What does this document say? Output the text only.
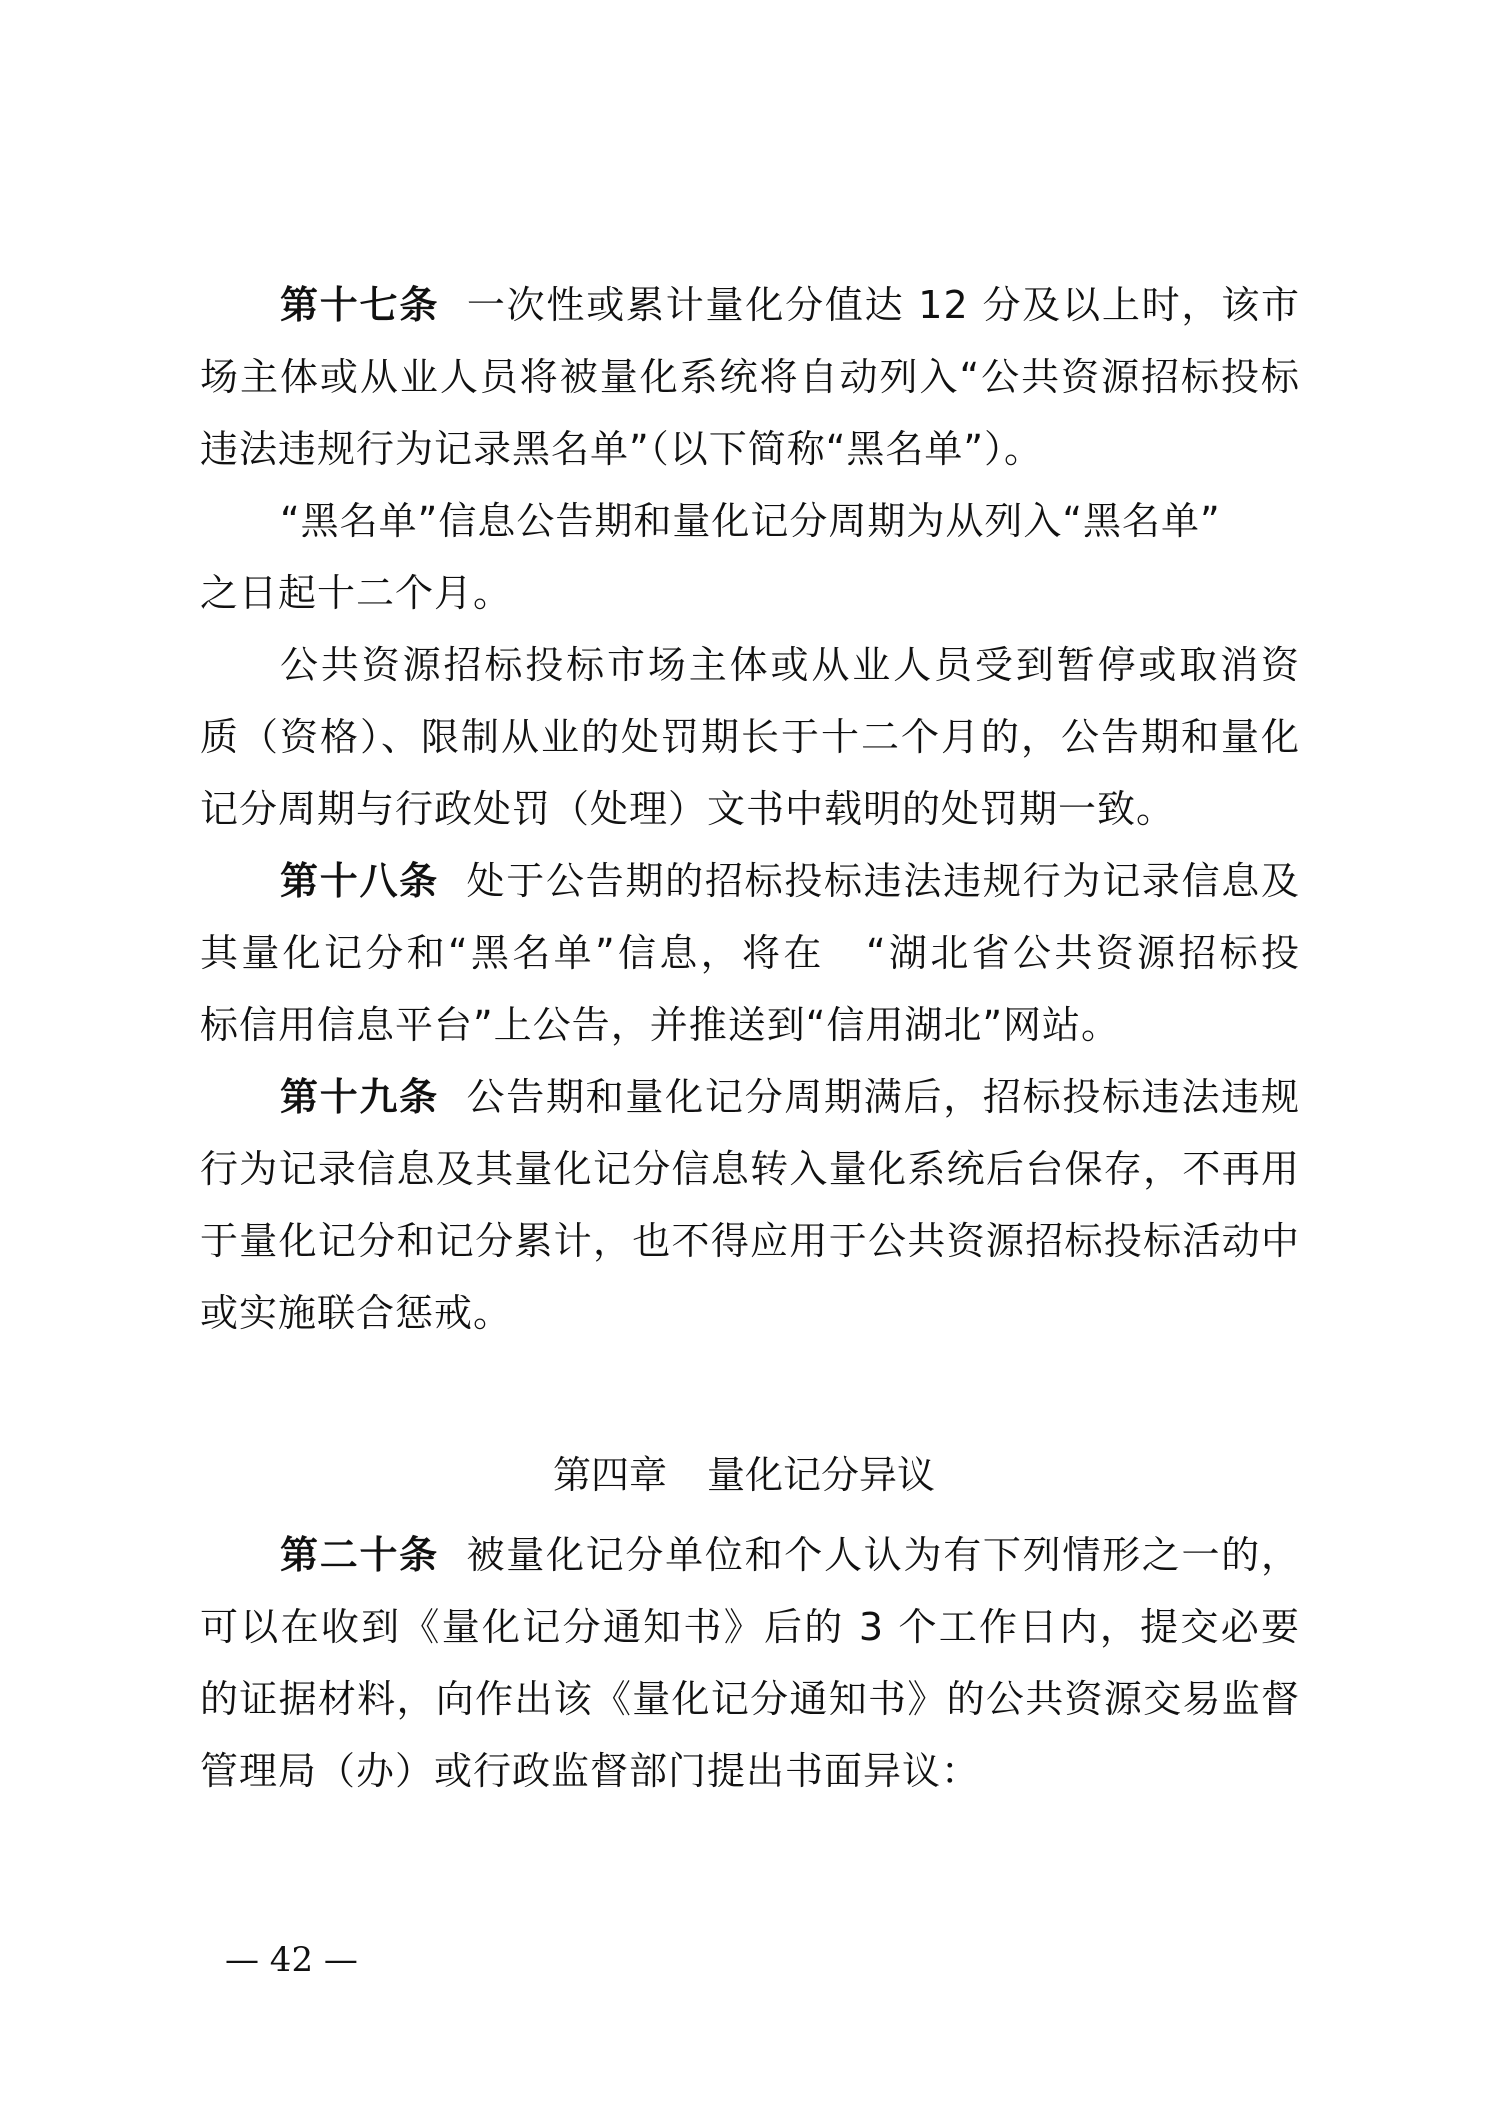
第十七条 一次性或累计量化分值达 12 分及以上时，该市
场主体或从业人员将被量化系统将自动列入“公共资源招标投标
违法违规行为记录黑名单”（以下简称“黑名单”）。
“黑名单”信息公告期和量化记分周期为从列入“黑名单”
之日起十二个月。
公共资源招标投标市场主体或从业人员受到暂停或取消资
质（资格）、限制从业的处罚期长于十二个月的，公告期和量化
记分周期与行政处罚（处理）文书中载明的处罚期一致。
第十八条 处于公告期的招标投标违法违规行为记录信息及
其量化记分和“黑名单”信息，将在　“湖北省公共资源招标投
标信用信息平台”上公告，并推送到“信用湖北”网站。
第十九条 公告期和量化记分周期满后，招标投标违法违规
行为记录信息及其量化记分信息转入量化系统后台保存，不再用
于量化记分和记分累计，也不得应用于公共资源招标投标活动中
或实施联合惩戒。
第四章 量化记分异议
第二十条 被量化记分单位和个人认为有下列情形之一的，
可以在收到《量化记分通知书》后的 3 个工作日内，提交必要
的证据材料，向作出该《量化记分通知书》的公共资源交易监督
管理局（办）或行政监督部门提出书面异议：
— 42 —
